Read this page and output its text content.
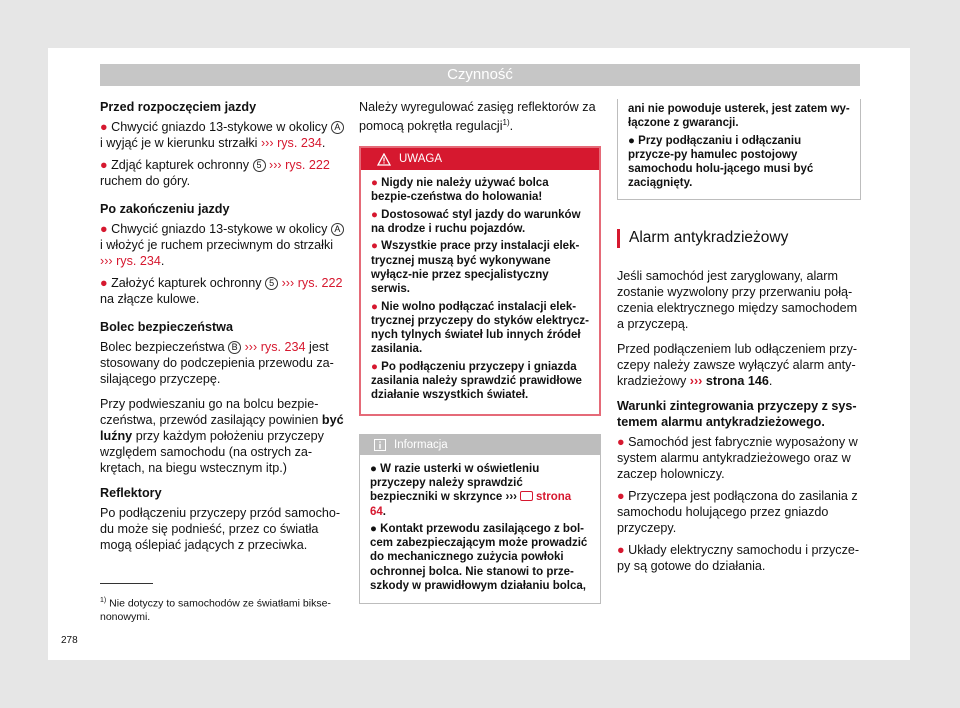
Czynność
Przed rozpoczęciem jazdy

● Chwycić gniazdo 13-stykowe w okolicy A i wyjąć je w kierunku strzałki ››› rys. 234.

● Zdjąć kapturek ochronny 5 ››› rys. 222 ruchem do góry.

Po zakończeniu jazdy

● Chwycić gniazdo 13-stykowe w okolicy A i włożyć je ruchem przeciwnym do strzałki ››› rys. 234.

● Założyć kapturek ochronny 5 ››› rys. 222 na złącze kulowe.

Bolec bezpieczeństwa

Bolec bezpieczeństwa B ››› rys. 234 jest stosowany do podczepienia przewodu za-silającego przyczepę.

Przy podwieszaniu go na bolcu bezpie-czeństwa, przewód zasilający powinien być luźny przy każdym położeniu przyczepy względem samochodu (na ostrych za-krętach, na biegu wstecznym itp.)

Reflektory

Po podłączeniu przyczepy przód samocho-du może się podnieść, przez co światła mogą oślepiać jadących z przeciwka.

Należy wyregulować zasięg reflektorów za pomocą pokrętła regulacji$^{1)}$.

UWAGA
● Nigdy nie należy używać bolca bezpie-czeństwa do holowania!
● Dostosować styl jazdy do warunków na drodze i ruchu pojazdów.
● Wszystkie prace przy instalacji elek-trycznej muszą być wykonywane wyłącz-nie przez specjalistyczny serwis.
● Nie wolno podłączać instalacji elek-trycznej przyczepy do styków elektrycz-nych tylnych świateł lub innych źródeł zasilania.
● Po podłączeniu przyczepy i gniazda zasilania należy sprawdzić prawidłowe działanie wszystkich świateł.
Informacja
● W razie usterki w oświetleniu przyczepy należy sprawdzić bezpieczniki w skrzynce ››› strona 64.
● Kontakt przewodu zasilającego z bol-cem zabezpieczającym może prowadzić do mechanicznego zużycia powłoki ochronnej bolca. Nie stanowi to prze-szkody w prawidłowym działaniu bolca,
ani nie powoduje usterek, jest zatem wy-łączone z gwarancji.
● Przy podłączaniu i odłączaniu przycze-py hamulec postojowy samochodu holu-jącego musi być zaciągnięty.
Alarm antykradzieżowy

Jeśli samochód jest zaryglowany, alarm zostanie wyzwolony przy przerwaniu połą-czenia elektrycznego między samochodem a przyczepą.

Przed podłączeniem lub odłączeniem przy-czepy należy zawsze wyłączyć alarm anty-kradzieżowy ››› strona 146.

Warunki zintegrowania przyczepy z sys-temem alarmu antykradzieżowego.

● Samochód jest fabrycznie wyposażony w system alarmu antykradzieżowego oraz w zaczep holowniczy.

● Przyczepa jest podłączona do zasilania z samochodu holującego przez gniazdo przyczepy.

● Układy elektryczny samochodu i przycze-py są gotowe do działania.

$^{1)}$ Nie dotyczy to samochodów ze światłami bikse-nonowymi.
278
